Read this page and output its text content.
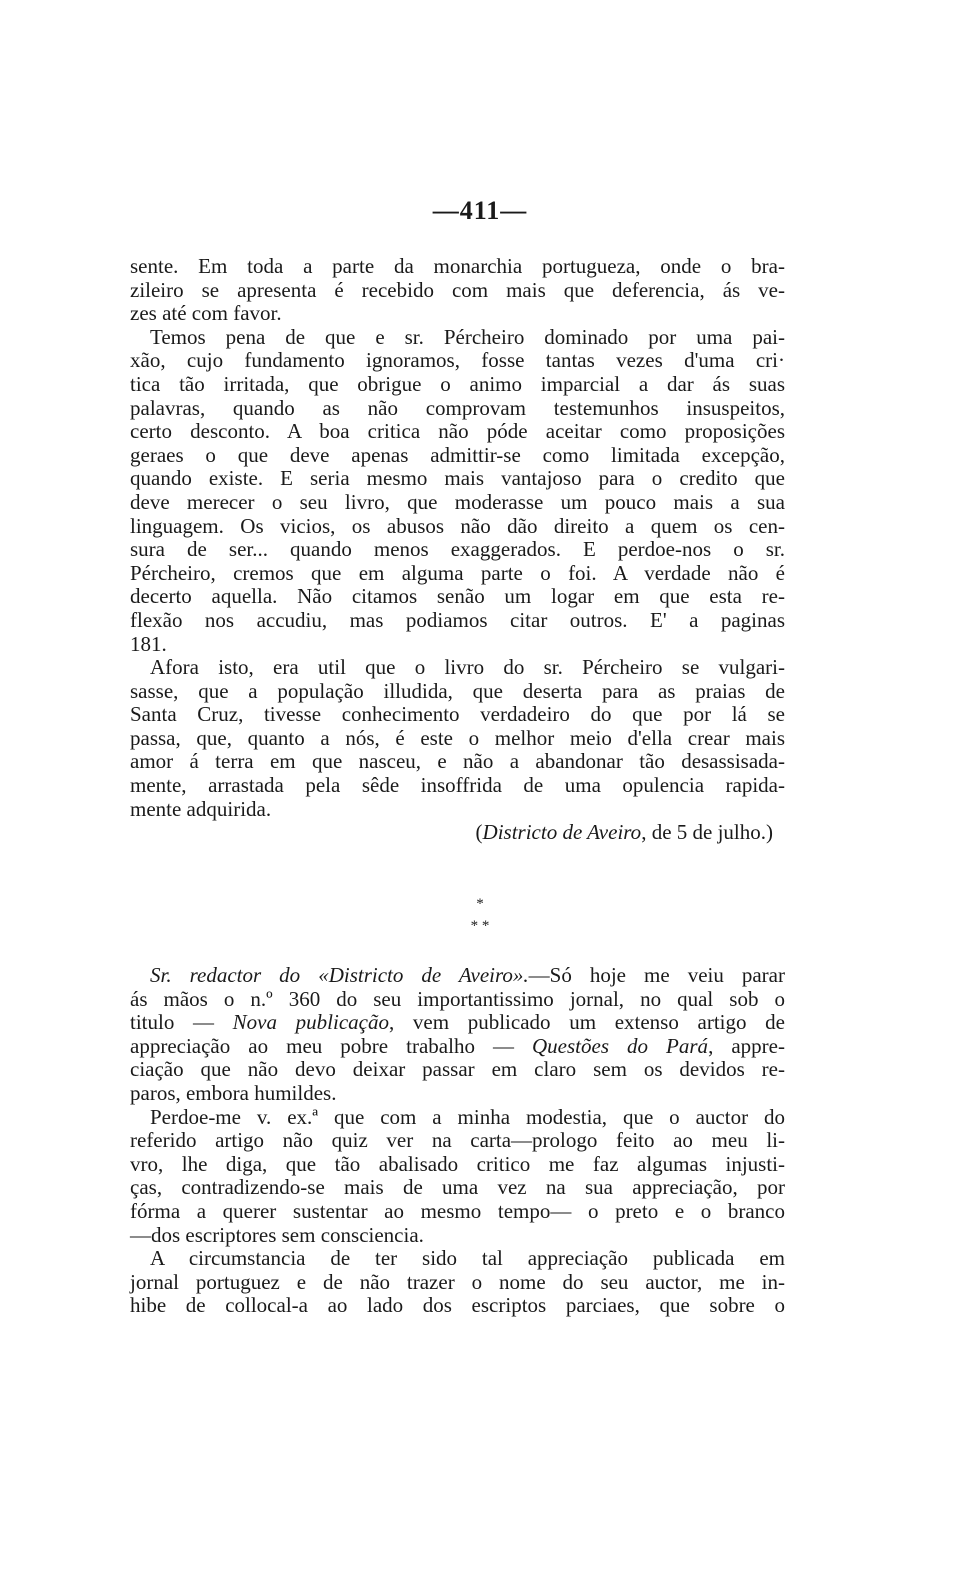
—411—
sente. Em toda a parte da monarchia portugueza, onde o bra-
zileiro se apresenta é recebido com mais que deferencia, ás ve-
zes até com favor.
Temos pena de que e sr. Pércheiro dominado por uma pai-
xão, cujo fundamento ignoramos, fosse tantas vezes d'uma cri·
tica tão irritada, que obrigue o animo imparcial a dar ás suas
palavras, quando as não comprovam testemunhos insuspeitos,
certo desconto. A boa critica não póde aceitar como proposições
geraes o que deve apenas admittir-se como limitada excepção,
quando existe. E seria mesmo mais vantajoso para o credito que
deve merecer o seu livro, que moderasse um pouco mais a sua
linguagem. Os vicios, os abusos não dão direito a quem os cen-
sura de ser... quando menos exaggerados. E perdoe-nos o sr.
Pércheiro, cremos que em alguma parte o foi. A verdade não é
decerto aquella. Não citamos senão um logar em que esta re-
flexão nos accudiu, mas podiamos citar outros. E' a paginas
181.
Afora isto, era util que o livro do sr. Pércheiro se vulgari-
sasse, que a população illudida, que deserta para as praias de
Santa Cruz, tivesse conhecimento verdadeiro do que por lá se
passa, que, quanto a nós, é este o melhor meio d'ella crear mais
amor á terra em que nasceu, e não a abandonar tão desassisada-
mente, arrastada pela sêde insoffrida de uma opulencia rapida-
mente adquirida.
(Districto de Aveiro, de 5 de julho.)
*
* *
Sr. redactor do «Districto de Aveiro».—Só hoje me veiu parar
ás mãos o n.º 360 do seu importantissimo jornal, no qual sob o
titulo — Nova publicação, vem publicado um extenso artigo de
appreciação ao meu pobre trabalho — Questões do Pará, appre-
ciação que não devo deixar passar em claro sem os devidos re-
paros, embora humildes.
Perdoe-me v. ex.ª que com a minha modestia, que o auctor do
referido artigo não quiz ver na carta—prologo feito ao meu li-
vro, lhe diga, que tão abalisado critico me faz algumas injusti-
ças, contradizendo-se mais de uma vez na sua appreciação, por
fórma a querer sustentar ao mesmo tempo— o preto e o branco
—dos escriptores sem consciencia.
A circumstancia de ter sido tal appreciação publicada em
jornal portuguez e de não trazer o nome do seu auctor, me in-
hibe de collocal-a ao lado dos escriptos parciaes, que sobre o
